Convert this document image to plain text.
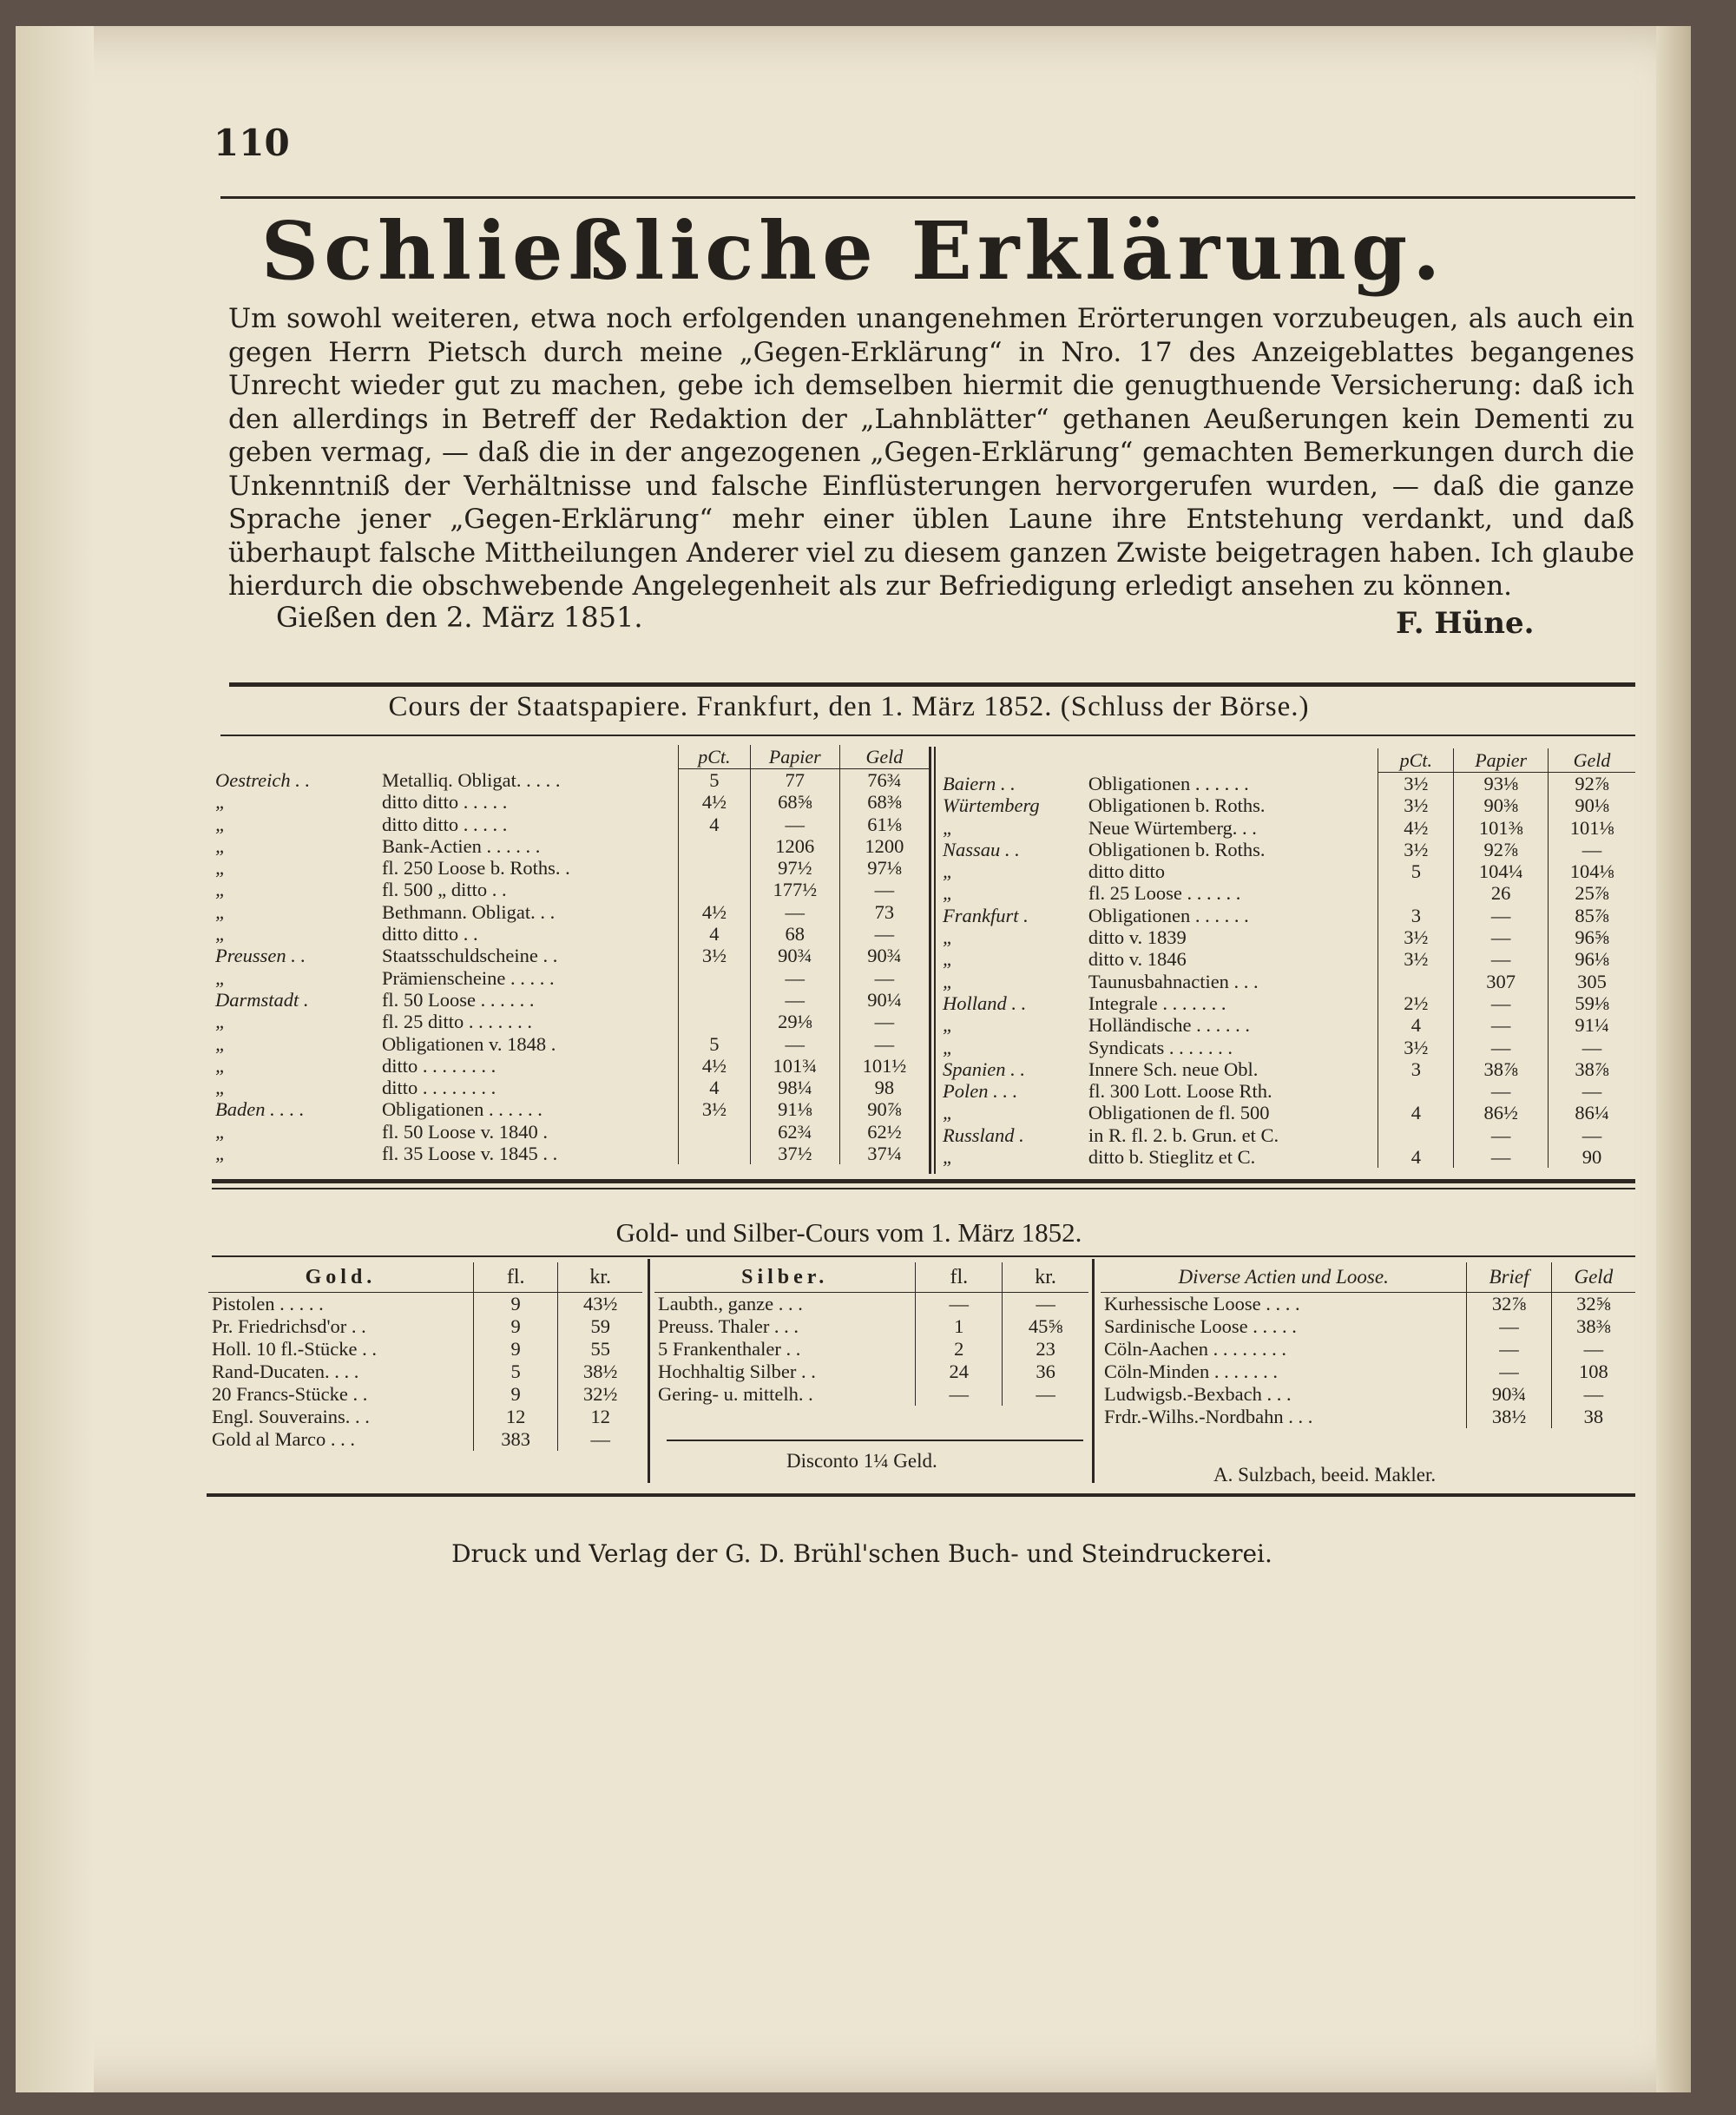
110
Schließliche Erklärung.
Um sowohl weiteren, etwa noch erfolgenden unangenehmen Erörterungen vorzubeugen, als auch ein gegen Herrn Pietsch durch meine „Gegen-Erklärung“ in Nro. 17 des Anzeigeblattes begangenes Unrecht wieder gut zu machen, gebe ich demselben hiermit die genugthuende Versicherung: daß ich den allerdings in Betreff der Redaktion der „Lahnblätter“ gethanen Aeußerungen kein Dementi zu geben vermag, — daß die in der angezogenen „Gegen-Erklärung“ gemachten Bemerkungen durch die Unkenntniß der Verhältnisse und falsche Einflüsterungen hervorgerufen wurden, — daß die ganze Sprache jener „Gegen-Erklärung“ mehr einer üblen Laune ihre Entstehung verdankt, und daß überhaupt falsche Mittheilungen Anderer viel zu diesem ganzen Zwiste beigetragen haben. Ich glaube hierdurch die obschwebende Angelegenheit als zur Befriedigung erledigt ansehen zu können.
Gießen den 2. März 1851.	F. Hüne.
Cours der Staatspapiere. Frankfurt, den 1. März 1852. (Schluss der Börse.)
		pCt.	Papier	Geld
Oestreich . .	Metalliq. Obligat. . . . .	5	77	76¾
„	ditto ditto . . . . .	4½	68⅝	68⅜
„	ditto ditto . . . . .	4	—	61⅛
„	Bank-Actien . . . . . .		1206	1200
„	fl. 250 Loose b. Roths. .		97½	97⅛
„	fl. 500 „ ditto . .		177½	—
„	Bethmann. Obligat. . .	4½	—	73
„	ditto ditto . .	4	68	—
Preussen . .	Staatsschuldscheine . .	3½	90¾	90¾
„	Prämienscheine . . . . .		—	—
Darmstadt .	fl. 50 Loose . . . . . .		—	90¼
„	fl. 25 ditto . . . . . . .		29⅛	—
„	Obligationen v. 1848 .	5	—	—
„	ditto . . . . . . . .	4½	101¾	101½
„	ditto . . . . . . . .	4	98¼	98
Baden . . . .	Obligationen . . . . . .	3½	91⅛	90⅞
„	fl. 50 Loose v. 1840 .		62¾	62½
„	fl. 35 Loose v. 1845 . .		37½	37¼
		pCt.	Papier	Geld
Baiern . .	Obligationen . . . . . .	3½	93⅛	92⅞
Würtemberg	Obligationen b. Roths.	3½	90⅜	90⅛
„	Neue Würtemberg. . .	4½	101⅜	101⅛
Nassau . .	Obligationen b. Roths.	3½	92⅞	—
„	ditto ditto	5	104¼	104⅛
„	fl. 25 Loose . . . . . .		26	25⅞
Frankfurt .	Obligationen . . . . . .	3	—	85⅞
„	ditto v. 1839	3½	—	96⅝
„	ditto v. 1846	3½	—	96⅛
„	Taunusbahnactien . . .		307	305
Holland . .	Integrale . . . . . . .	2½	—	59⅛
„	Holländische . . . . . .	4	—	91¼
„	Syndicats . . . . . . .	3½	—	—
Spanien . .	Innere Sch. neue Obl.	3	38⅞	38⅞
Polen . . .	fl. 300 Lott. Loose Rth.		—	—
„	Obligationen de fl. 500	4	86½	86¼
Russland .	in R. fl. 2. b. Grun. et C.		—	—
„	ditto b. Stieglitz et C.	4	—	90
Gold- und Silber-Cours vom 1. März 1852.
Gold.	fl.	kr.
Pistolen . . . . .	9	43½
Pr. Friedrichsd'or . .	9	59
Holl. 10 fl.-Stücke . .	9	55
Rand-Ducaten. . . .	5	38½
20 Francs-Stücke . .	9	32½
Engl. Souverains. . .	12	12
Gold al Marco . . .	383	—
Silber.	fl.	kr.
Laubth., ganze . . .	—	—
Preuss. Thaler . . .	1	45⅝
5 Frankenthaler . .	2	23
Hochhaltig Silber . .	24	36
Gering- u. mittelh. .	—	—
Disconto 1¼ Geld.
Diverse Actien und Loose.	Brief	Geld
Kurhessische Loose . . . .	32⅞	32⅝
Sardinische Loose . . . . .	—	38⅜
Cöln-Aachen . . . . . . . .	—	—
Cöln-Minden . . . . . . .	—	108
Ludwigsb.-Bexbach . . .	90¾	—
Frdr.-Wilhs.-Nordbahn . . .	38½	38
A. Sulzbach, beeid. Makler.
Druck und Verlag der G. D. Brühl'schen Buch- und Steindruckerei.
